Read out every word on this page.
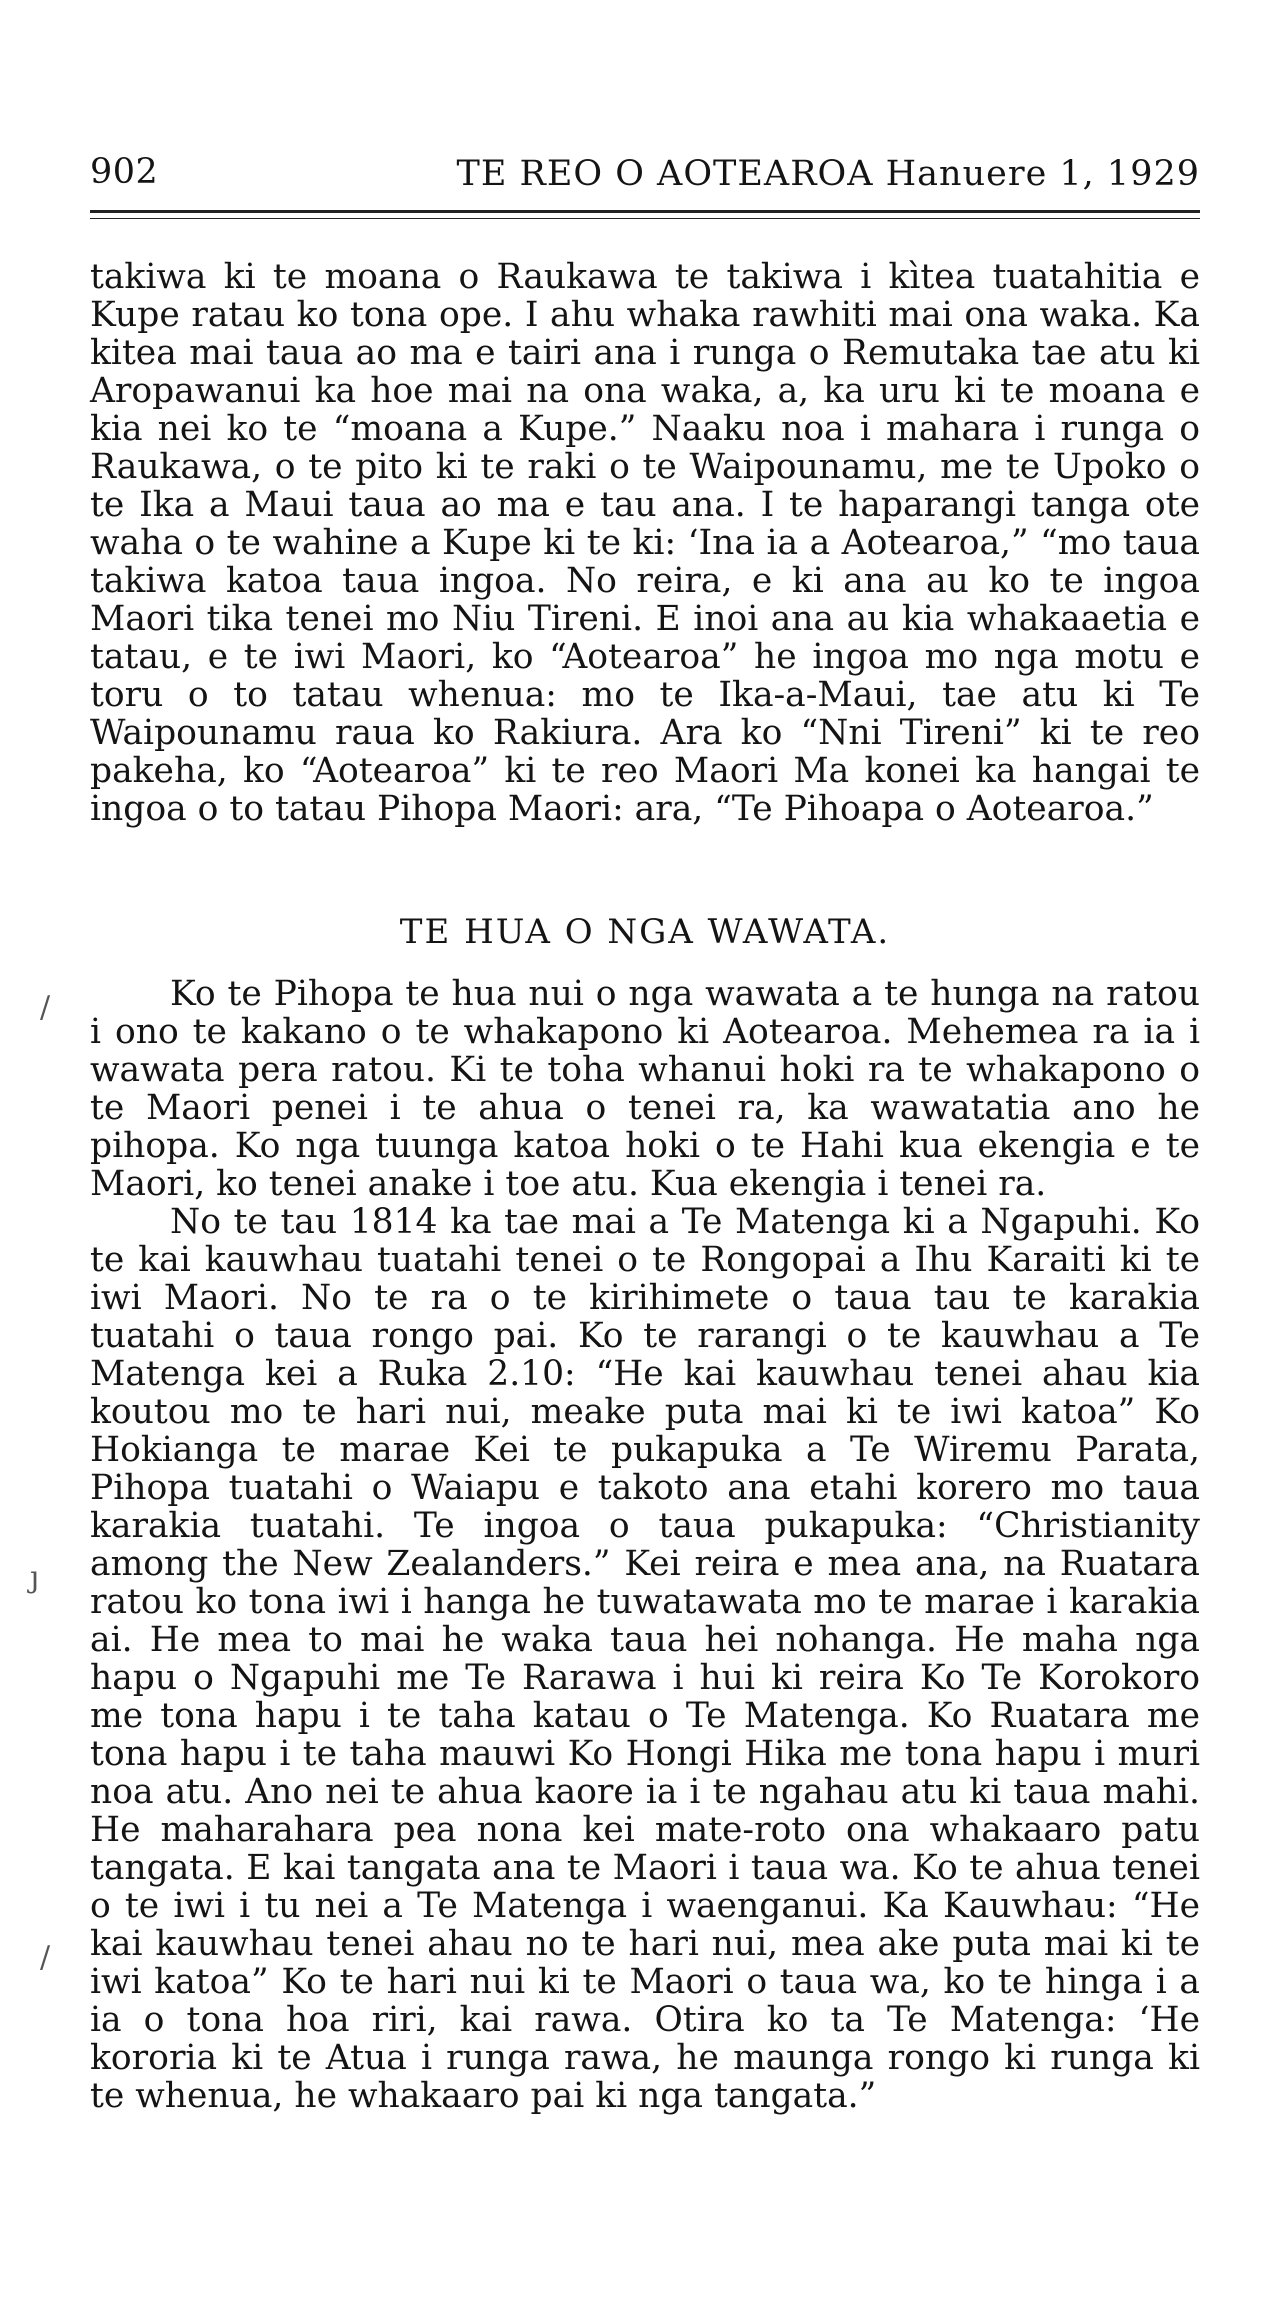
902	TE REO O AOTEAROA Hanuere 1, 1929

takiwa ki te moana o Raukawa te takiwa i kìtea tuatahitia e Kupe ratau ko tona ope. I ahu whaka rawhiti mai ona waka. Ka kitea mai taua ao ma e tairi ana i runga o Remutaka tae atu ki Aropawanui ka hoe mai na ona waka, a, ka uru ki te moana e kia nei ko te “moana a Kupe.” Naaku noa i mahara i runga o Raukawa, o te pito ki te raki o te Waipounamu, me te Upoko o te Ika a Maui taua ao ma e tau ana. I te haparangi tanga ote waha o te wahine a Kupe ki te ki: ‘Ina ia a Aotearoa,” “mo taua takiwa katoa taua ingoa. No reira, e ki ana au ko te ingoa Maori tika tenei mo Niu Tireni. E inoi ana au kia whakaaetia e tatau, e te iwi Maori, ko “Aotearoa” he ingoa mo nga motu e toru o to tatau whenua: mo te Ika-a-Maui, tae atu ki Te Waipounamu raua ko Rakiura. Ara ko “Nni Tireni” ki te reo pakeha, ko “Aotearoa” ki te reo Maori Ma konei ka hangai te ingoa o to tatau Pihopa Maori: ara, “Te Pihoapa o Aotearoa.”

TE HUA O NGA WAWATA.

Ko te Pihopa te hua nui o nga wawata a te hunga na ratou i ono te kakano o te whakapono ki Aotearoa. Mehemea ra ia i wawata pera ratou. Ki te toha whanui hoki ra te whakapono o te Maori penei i te ahua o tenei ra, ka wawatatia ano he pihopa. Ko nga tuunga katoa hoki o te Hahi kua ekengia e te Maori, ko tenei anake i toe atu. Kua ekengia i tenei ra.

No te tau 1814 ka tae mai a Te Matenga ki a Ngapuhi. Ko te kai kauwhau tuatahi tenei o te Rongopai a Ihu Karaiti ki te iwi Maori. No te ra o te kirihimete o taua tau te karakia tuatahi o taua rongo pai. Ko te rarangi o te kauwhau a Te Matenga kei a Ruka 2.10: “He kai kauwhau tenei ahau kia koutou mo te hari nui, meake puta mai ki te iwi katoa” Ko Hokianga te marae Kei te pukapuka a Te Wiremu Parata, Pihopa tuatahi o Waiapu e takoto ana etahi korero mo taua karakia tuatahi. Te ingoa o taua pukapuka: “Christianity among the New Zealanders.” Kei reira e mea ana, na Ruatara ratou ko tona iwi i hanga he tuwatawata mo te marae i karakia ai. He mea to mai he waka taua hei nohanga. He maha nga hapu o Ngapuhi me Te Rarawa i hui ki reira Ko Te Korokoro me tona hapu i te taha katau o Te Matenga. Ko Ruatara me tona hapu i te taha mauwi Ko Hongi Hika me tona hapu i muri noa atu. Ano nei te ahua kaore ia i te ngahau atu ki taua mahi. He maharahara pea nona kei mate-roto ona whakaaro patu tangata. E kai tangata ana te Maori i taua wa. Ko te ahua tenei o te iwi i tu nei a Te Matenga i waenganui. Ka Kauwhau: “He kai kauwhau tenei ahau no te hari nui, mea ake puta mai ki te iwi katoa” Ko te hari nui ki te Maori o taua wa, ko te hinga i a ia o tona hoa riri, kai rawa. Otira ko ta Te Matenga: ‘He kororia ki te Atua i runga rawa, he maunga rongo ki runga ki te whenua, he whakaaro pai ki nga tangata.”

/
ȷ
/
